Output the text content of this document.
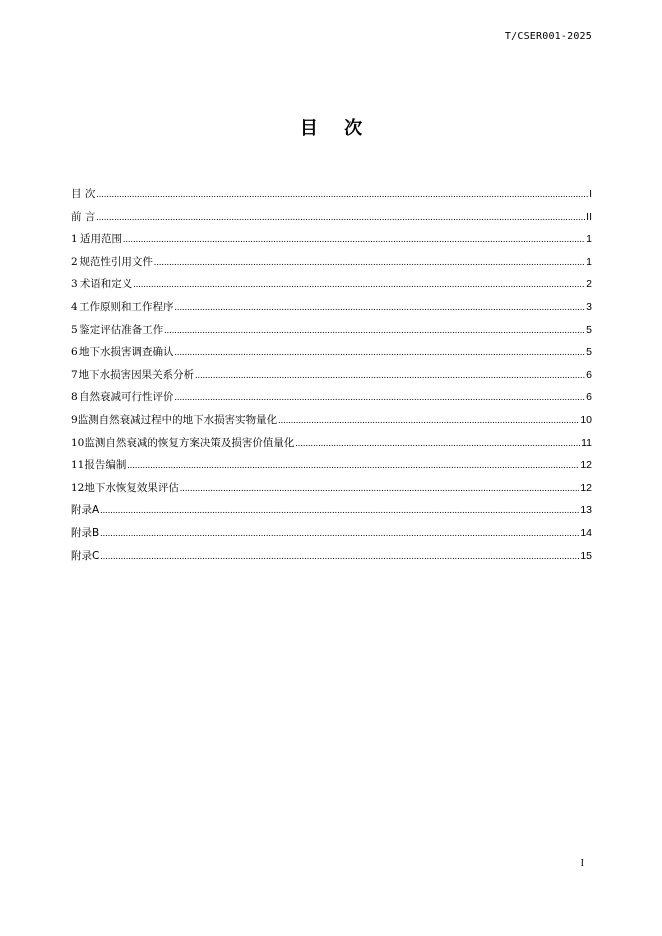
T/CSER001-2025
目 次
目 次 .....	I
前 言 .....	II
1 适用范围 .....	1
2 规范性引用文件 .....	1
3 术语和定义 .....	2
4 工作原则和工作程序 .....	3
5 鉴定评估准备工作 .....	5
6 地下水损害调查确认 .....	5
7 地下水损害因果关系分析 .....	6
8 自然衰减可行性评价 .....	6
9 监测自然衰减过程中的地下水损害实物量化 .....	10
10 监测自然衰减的恢复方案决策及损害价值量化 .....	11
11 报告编制 .....	12
12 地下水恢复效果评估 .....	12
附录A .....	13
附录B .....	14
附录C .....	15
I
